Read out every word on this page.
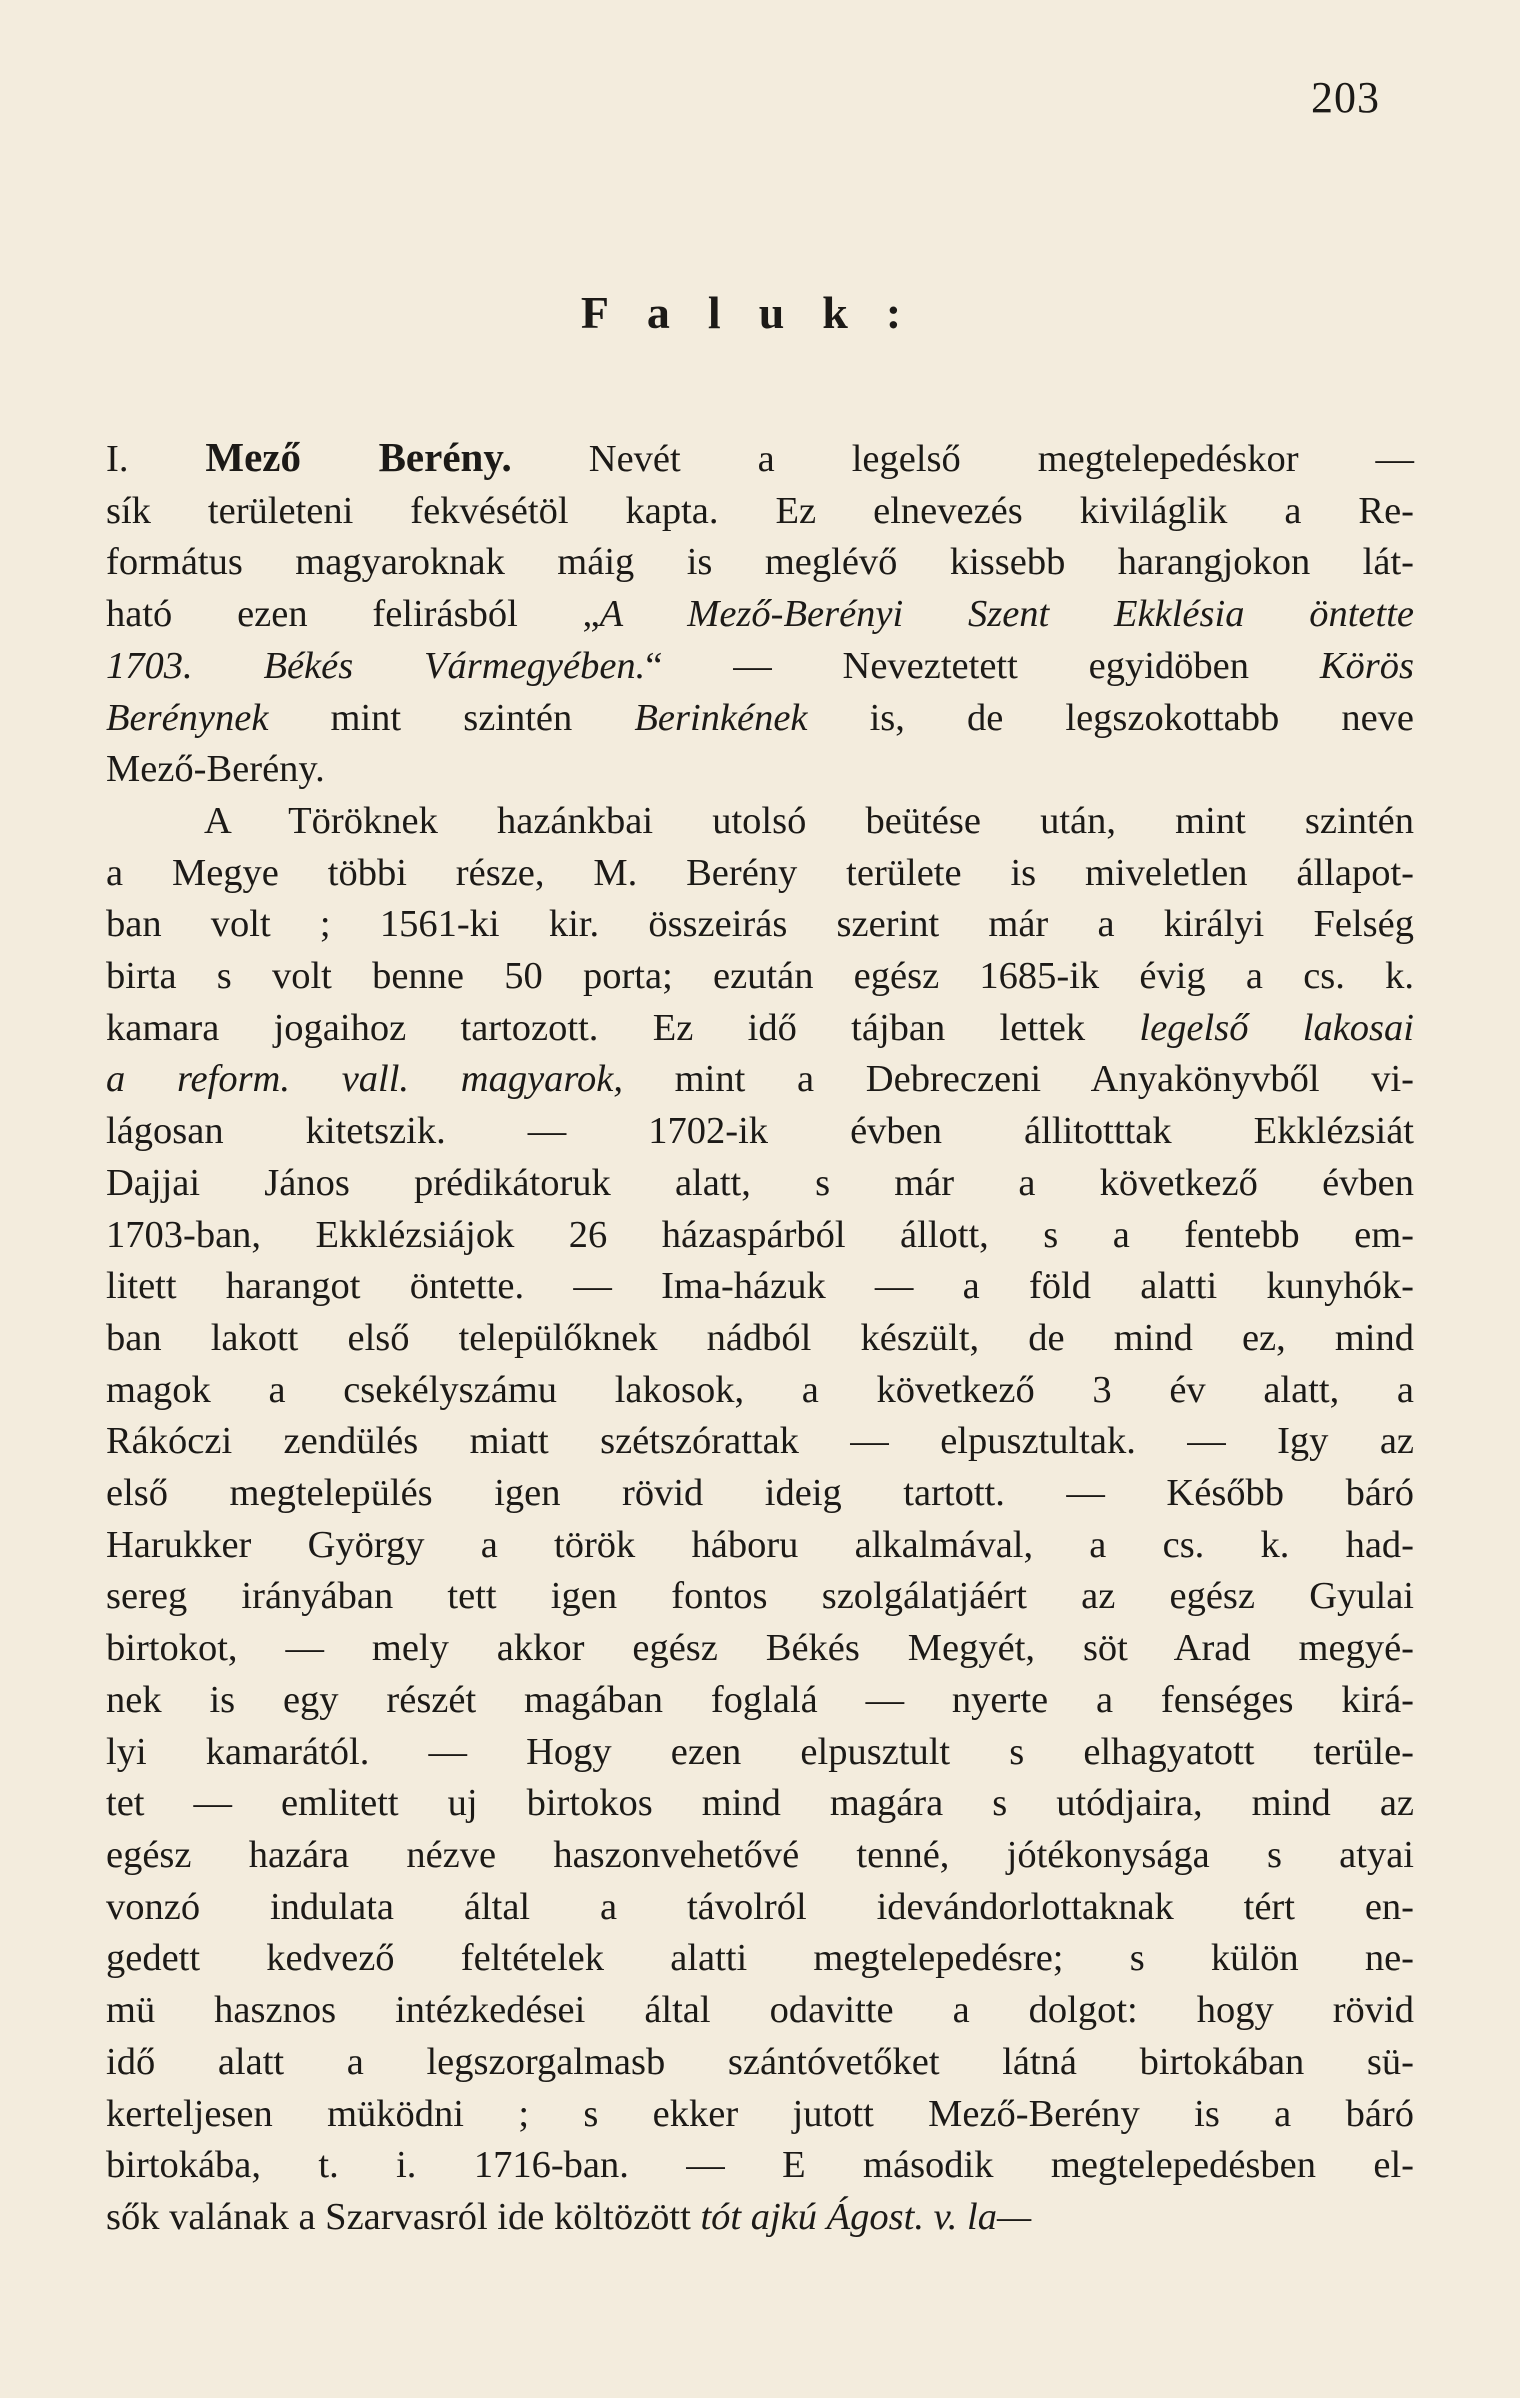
203
Faluk:
I. Mező Berény. Nevét a legelső megtelepedéskor —
sík területeni fekvésétöl kapta. Ez elnevezés kiviláglik a Re-
formátus magyaroknak máig is meglévő kissebb harangjokon lát-
ható ezen felirásból „A Mező-Berényi Szent Ekklésia öntette
1703. Békés Vármegyében.“ — Neveztetett egyidöben Körös
Berénynek mint szintén Berinkének is, de legszokottabb neve
Mező-Berény.
A Töröknek hazánkbai utolsó beütése után, mint szintén
a Megye többi része, M. Berény területe is miveletlen állapot-
ban volt ; 1561-ki kir. összeirás szerint már a királyi Felség
birta s volt benne 50 porta; ezután egész 1685-ik évig a cs. k.
kamara jogaihoz tartozott. Ez idő tájban lettek legelső lakosai
a reform. vall. magyarok, mint a Debreczeni Anyakönyvből vi-
lágosan kitetszik. — 1702-ik évben állitotttak Ekklézsiát
Dajjai János prédikátoruk alatt, s már a következő évben
1703-ban, Ekklézsiájok 26 házaspárból állott, s a fentebb em-
litett harangot öntette. — Ima-házuk — a föld alatti kunyhók-
ban lakott első települőknek nádból készült, de mind ez, mind
magok a csekélyszámu lakosok, a következő 3 év alatt, a
Rákóczi zendülés miatt szétszórattak — elpusztultak. — Igy az
első megtelepülés igen rövid ideig tartott. — Később báró
Harukker György a török háboru alkalmával, a cs. k. had-
sereg irányában tett igen fontos szolgálatjáért az egész Gyulai
birtokot, — mely akkor egész Békés Megyét, söt Arad megyé-
nek is egy részét magában foglalá — nyerte a fenséges kirá-
lyi kamarától. — Hogy ezen elpusztult s elhagyatott terüle-
tet — emlitett uj birtokos mind magára s utódjaira, mind az
egész hazára nézve haszonvehetővé tenné, jótékonysága s atyai
vonzó indulata által a távolról idevándorlottaknak tért en-
gedett kedvező feltételek alatti megtelepedésre; s külön ne-
mü hasznos intézkedései által odavitte a dolgot: hogy rövid
idő alatt a legszorgalmasb szántóvetőket látná birtokában sü-
kerteljesen müködni ; s ekker jutott Mező-Berény is a báró
birtokába, t. i. 1716-ban. — E második megtelepedésben el-
sők valának a Szarvasról ide költözött tót ajkú Ágost. v. la—
